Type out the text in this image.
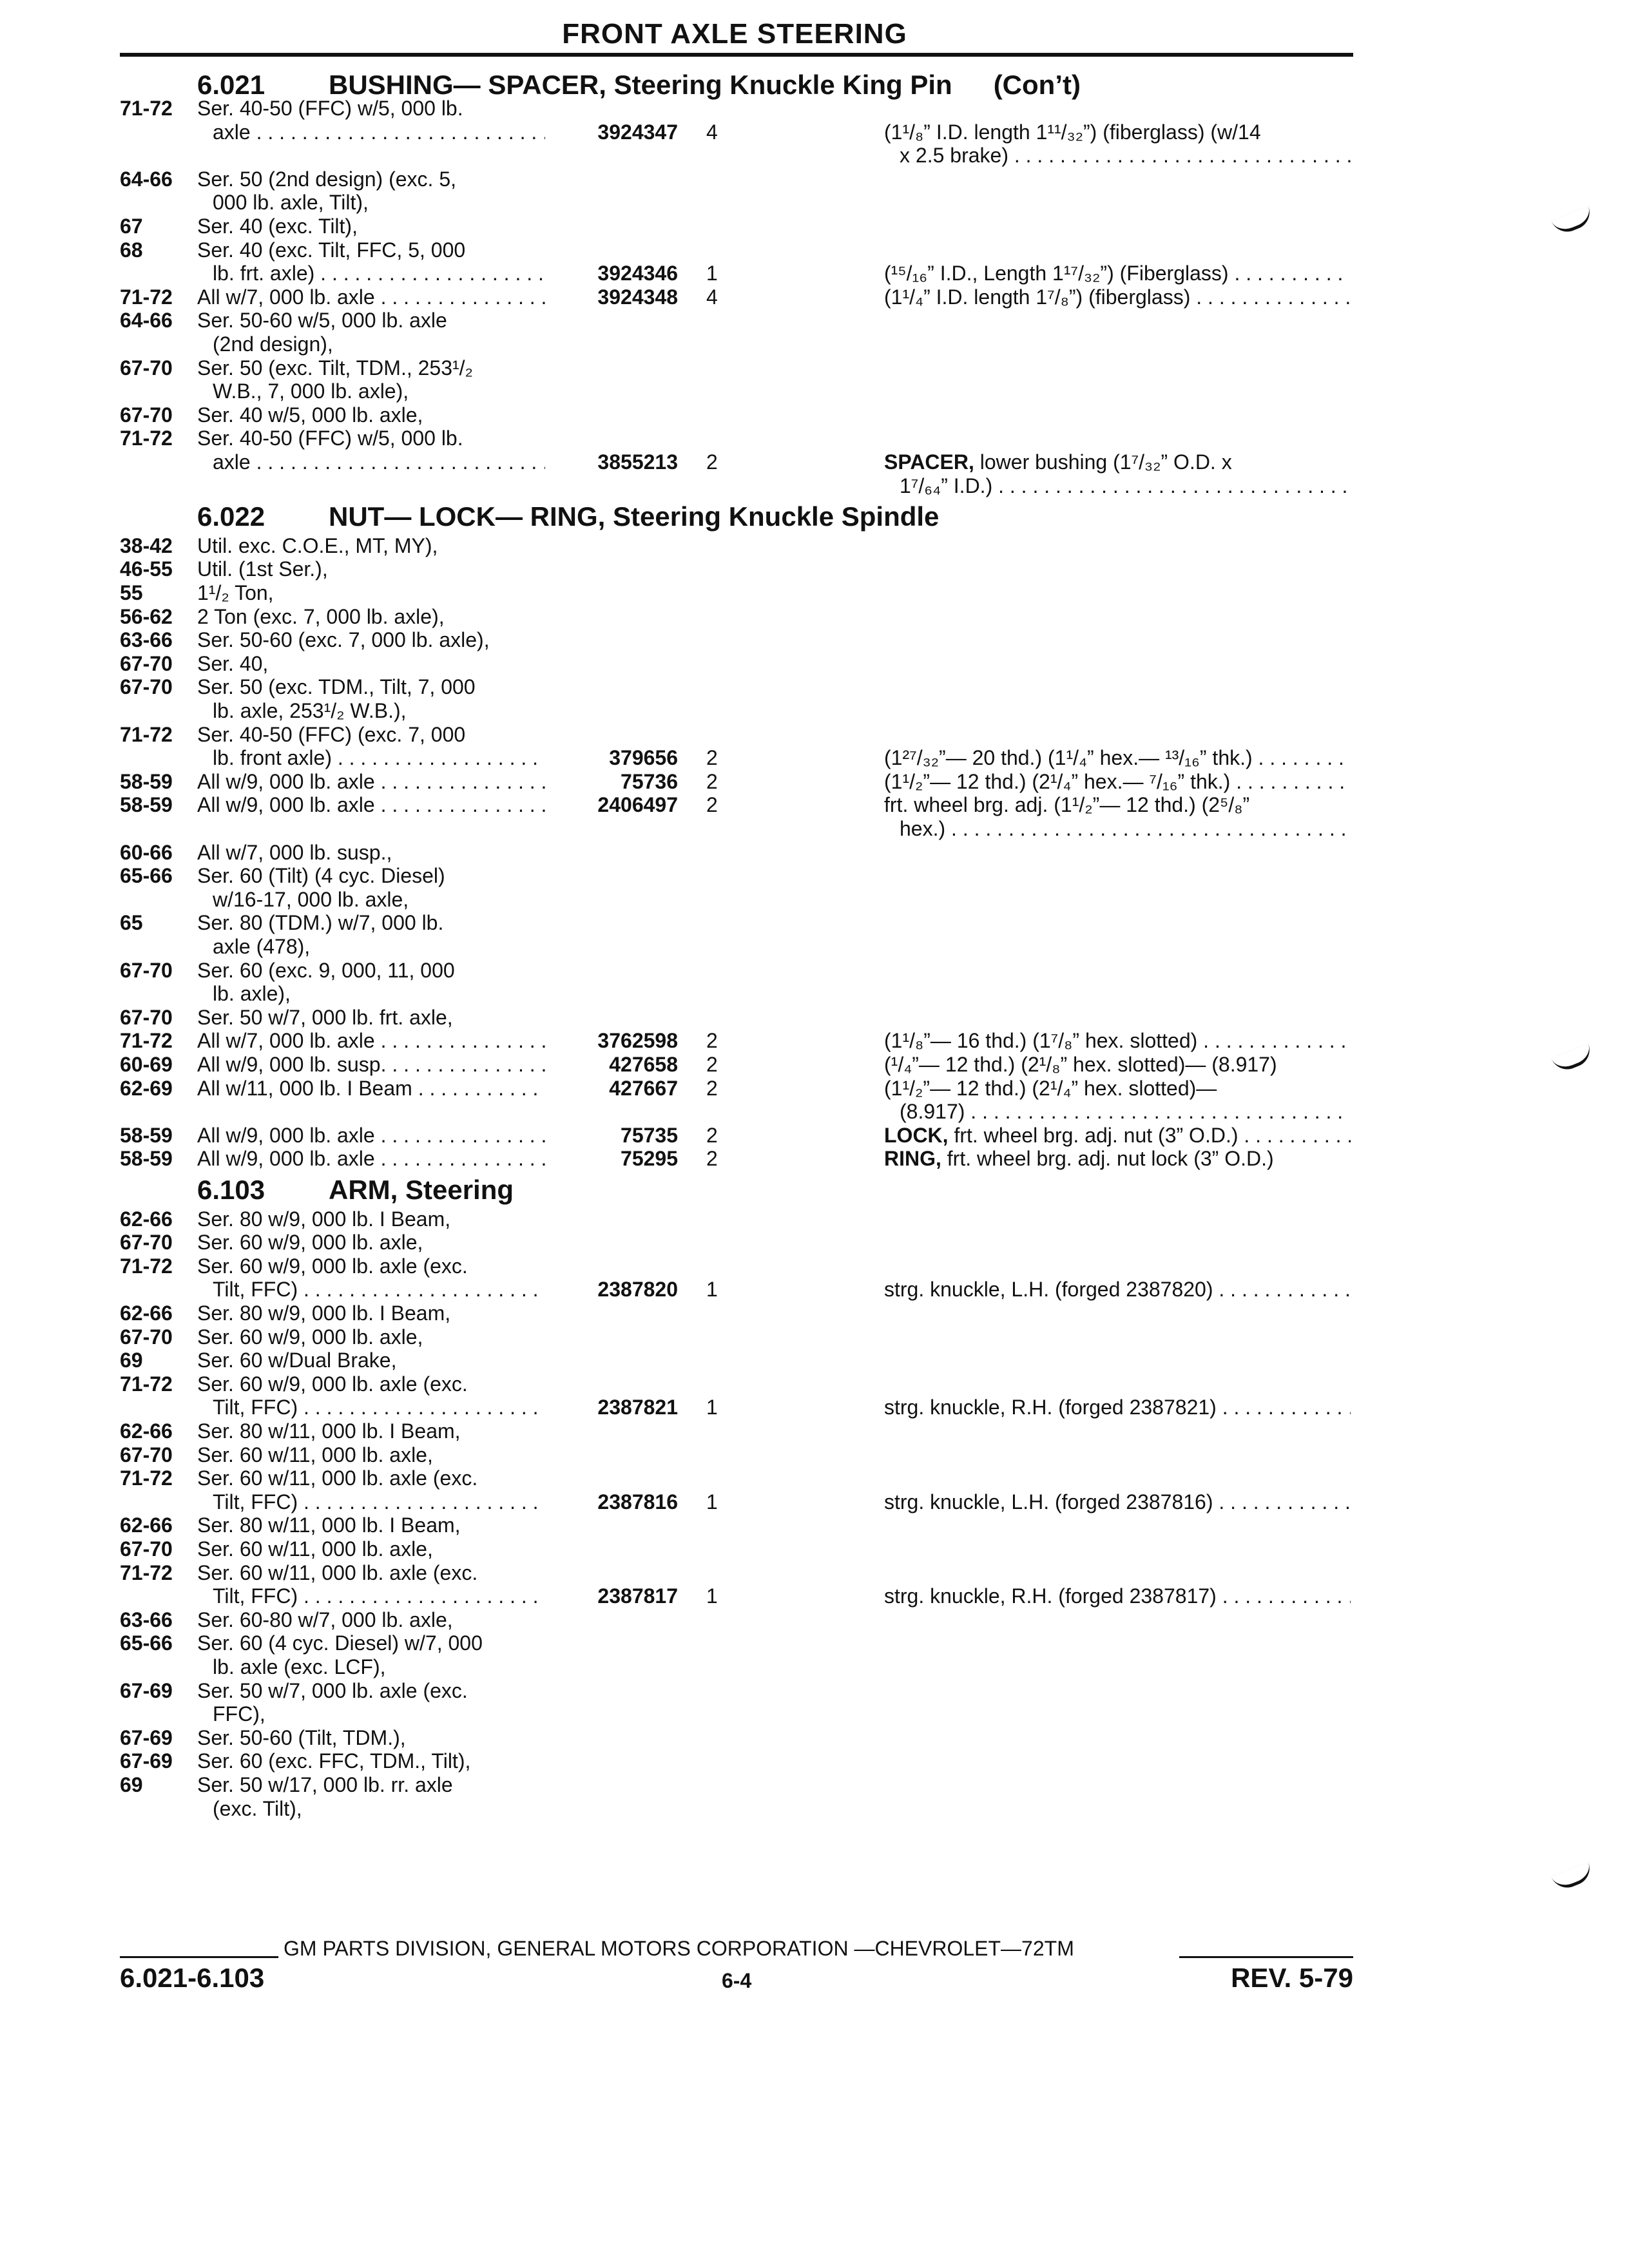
FRONT AXLE STEERING
6.021 BUSHING— SPACER, Steering Knuckle King Pin (Con’t)
71-72 Ser. 40-50 (FFC) w/5, 000 lb.
axle . . .	3924347 4	(1¹/₈” I.D. length 1¹¹/₃₂”) (fiberglass) (w/14
x 2.5 brake) . . .
64-66 Ser. 50 (2nd design) (exc. 5,
000 lb. axle, Tilt),
67	Ser. 40 (exc. Tilt),
68	Ser. 40 (exc. Tilt, FFC, 5, 000
lb. frt. axle) . . .	3924346 1	(¹⁵/₁₆” I.D., Length 1¹⁷/₃₂”) (Fiberglass) . . .
71-72 All w/7, 000 lb. axle . . .	3924348 4	(1¹/₄” I.D. length 1⁷/₈”) (fiberglass) . . .
64-66 Ser. 50-60 w/5, 000 lb. axle
(2nd design),
67-70 Ser. 50 (exc. Tilt, TDM., 253¹/₂
W.B., 7, 000 lb. axle),
67-70 Ser. 40 w/5, 000 lb. axle,
71-72 Ser. 40-50 (FFC) w/5, 000 lb.
axle . . .	3855213 2	SPACER, lower bushing (1⁷/₃₂” O.D. x
1⁷/₆₄” I.D.) . . .
6.022 NUT— LOCK— RING, Steering Knuckle Spindle
38-42 Util. exc. C.O.E., MT, MY),
46-55 Util. (1st Ser.),
55	1¹/₂ Ton,
56-62 2 Ton (exc. 7, 000 lb. axle),
63-66 Ser. 50-60 (exc. 7, 000 lb. axle),
67-70 Ser. 40,
67-70 Ser. 50 (exc. TDM., Tilt, 7, 000
lb. axle, 253¹/₂ W.B.),
71-72 Ser. 40-50 (FFC) (exc. 7, 000
lb. front axle) . . .	379656 2	(1²⁷/₃₂”— 20 thd.) (1¹/₄” hex.— ¹³/₁₆” thk.) . . .
58-59 All w/9, 000 lb. axle . . .	75736 2	(1¹/₂”— 12 thd.) (2¹/₄” hex.— ⁷/₁₆” thk.) . . .
58-59 All w/9, 000 lb. axle . . .	2406497 2	frt. wheel brg. adj. (1¹/₂”— 12 thd.) (2⁵/₈”
hex.) . . .
60-66 All w/7, 000 lb. susp.,
65-66 Ser. 60 (Tilt) (4 cyc. Diesel)
w/16-17, 000 lb. axle,
65	Ser. 80 (TDM.) w/7, 000 lb.
axle (478),
67-70 Ser. 60 (exc. 9, 000, 11, 000
lb. axle),
67-70 Ser. 50 w/7, 000 lb. frt. axle,
71-72 All w/7, 000 lb. axle . . .	3762598 2	(1¹/₈”— 16 thd.) (1⁷/₈” hex. slotted) . . .
60-69 All w/9, 000 lb. susp. . . .	427658 2	(¹/₄”— 12 thd.) (2¹/₈” hex. slotted)— (8.917)
62-69 All w/11, 000 lb. I Beam . . .	427667 2	(1¹/₂”— 12 thd.) (2¹/₄” hex. slotted)—
(8.917) . . .
58-59 All w/9, 000 lb. axle . . .	75735 2	LOCK, frt. wheel brg. adj. nut (3” O.D.) . . .
58-59 All w/9, 000 lb. axle . . .	75295 2	RING, frt. wheel brg. adj. nut lock (3” O.D.)
6.103 ARM, Steering
62-66 Ser. 80 w/9, 000 lb. I Beam,
67-70 Ser. 60 w/9, 000 lb. axle,
71-72 Ser. 60 w/9, 000 lb. axle (exc.
Tilt, FFC) . . .	2387820 1	strg. knuckle, L.H. (forged 2387820) . . .
62-66 Ser. 80 w/9, 000 lb. I Beam,
67-70 Ser. 60 w/9, 000 lb. axle,
69	Ser. 60 w/Dual Brake,
71-72 Ser. 60 w/9, 000 lb. axle (exc.
Tilt, FFC) . . .	2387821 1	strg. knuckle, R.H. (forged 2387821) . . .
62-66 Ser. 80 w/11, 000 lb. I Beam,
67-70 Ser. 60 w/11, 000 lb. axle,
71-72 Ser. 60 w/11, 000 lb. axle (exc.
Tilt, FFC) . . .	2387816 1	strg. knuckle, L.H. (forged 2387816) . . .
62-66 Ser. 80 w/11, 000 lb. I Beam,
67-70 Ser. 60 w/11, 000 lb. axle,
71-72 Ser. 60 w/11, 000 lb. axle (exc.
Tilt, FFC) . . .	2387817 1	strg. knuckle, R.H. (forged 2387817) . . .
63-66 Ser. 60-80 w/7, 000 lb. axle,
65-66 Ser. 60 (4 cyc. Diesel) w/7, 000
lb. axle (exc. LCF),
67-69 Ser. 50 w/7, 000 lb. axle (exc.
FFC),
67-69 Ser. 50-60 (Tilt, TDM.),
67-69 Ser. 60 (exc. FFC, TDM., Tilt),
69	Ser. 50 w/17, 000 lb. rr. axle
(exc. Tilt),
GM PARTS DIVISION, GENERAL MOTORS CORPORATION —CHEVROLET—72TM
6.021-6.103	6-4	REV. 5-79
